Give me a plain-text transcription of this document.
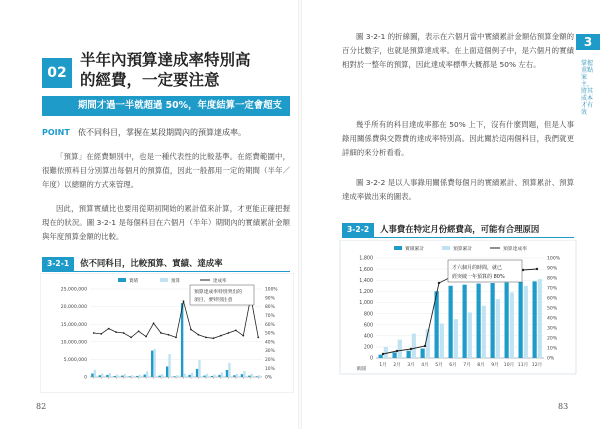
02
半年內預算達成率特別高
的經費，一定要注意
期間才過一半就超過 50%，年度結算一定會超支
POINT 依不同科目，掌握在某段期間內的預算達成率。
「預算」在經費類別中，也是一種代表性的比較基準。在經費範圍中，很難依照科目分別算出每個月的預算值，因此一般都用一定的期間（半年／年度）以總額的方式來管理。
因此，預算實績比也要用從期初開始的累計值來計算，才更能正確把握現在的狀況。圖 3-2-1 是每個科目在六個月（半年）期間內的實績累計金額與年度預算金額的比較。
3-2-1 依不同科目，比較預算、實績、達成率
實績	預算	達成率
25,000,000
20,000,000
15,000,000
10,000,000
5,000,000
0
100%
90%
80%
70%
60%
50%
40%
30%
20%
10%
0%
預算達成率特別突出的
項目，要特別注意
82
圖 3-2-1 的折線圖，表示在六個月當中實績累計金額佔預算金額的百分比數字，也就是預算達成率。在上面這個例子中，是六個月的實績相對於一整年的預算，因此達成率標準大概都是 50% 左右。
幾乎所有的科目達成率都在 50% 上下，沒有什麼問題，但是人事錄用關係費與交際費的達成率特別高。因此關於這兩個科目，我們就更詳細的來分析看看。
圖 3-2-2 是以人事錄用關係費每個月的實績累計、預算累計、預算達成率做出來的圖表。
3-2-2 人事費在特定月份經費高，可能有合理原因
實績累計	預算累計	預算達成率
1,800
1,600
1,400
1,200
1,000
800
600
400
200
0
100%
90%
80%
70%
60%
50%
40%
30%
20%
10%
0%
萬圓
1月 2月 3月 4月 5月 6月 7月 8月 9月 10月 11月 12月
才六個月的時間，就已
經突破一年預算的 80%
83
3
掌握重點案主，將其成本才有效
